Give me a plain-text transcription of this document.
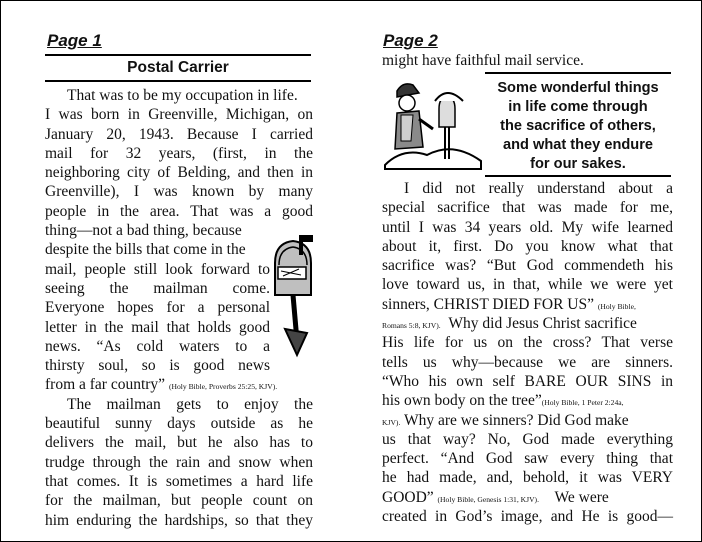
Page 1
Postal Carrier
That was to be my occupation in life.
I was born in Greenville, Michigan, on
January 20, 1943. Because I carried
mail for 32 years, (first, in the
neighboring city of Belding, and then in
Greenville), I was known by many
people in the area. That was a good
thing—not a bad thing, because
despite the bills that come in the
mail, people still look forward to
seeing the mailman come.
Everyone hopes for a personal
letter in the mail that holds good
news. “As cold waters to a
thirsty soul, so is good news
from a far country” (Holy Bible, Proverbs 25:25, KJV).
The mailman gets to enjoy the
beautiful sunny days outside as he
delivers the mail, but he also has to
trudge through the rain and snow when
that comes. It is sometimes a hard life
for the mailman, but people count on
him enduring the hardships, so that they
Page 2
might have faithful mail service.
Some wonderful things
in life come through
the sacrifice of others,
and what they endure
for our sakes.
I did not really understand about a
special sacrifice that was made for me,
until I was 34 years old. My wife learned
about it, first. Do you know what that
sacrifice was? “But God commendeth his
love toward us, in that, while we were yet
sinners, CHRIST DIED FOR US” (Holy Bible,
Romans 5:8, KJV). Why did Jesus Christ sacrifice
His life for us on the cross? That verse
tells us why—because we are sinners.
“Who his own self BARE OUR SINS in
his own body on the tree”(Holy Bible, 1 Peter 2:24a,
KJV). Why are we sinners? Did God make
us that way? No, God made everything
perfect. “And God saw every thing that
he had made, and, behold, it was VERY
GOOD” (Holy Bible, Genesis 1:31, KJV). We were
created in God’s image, and He is good—
